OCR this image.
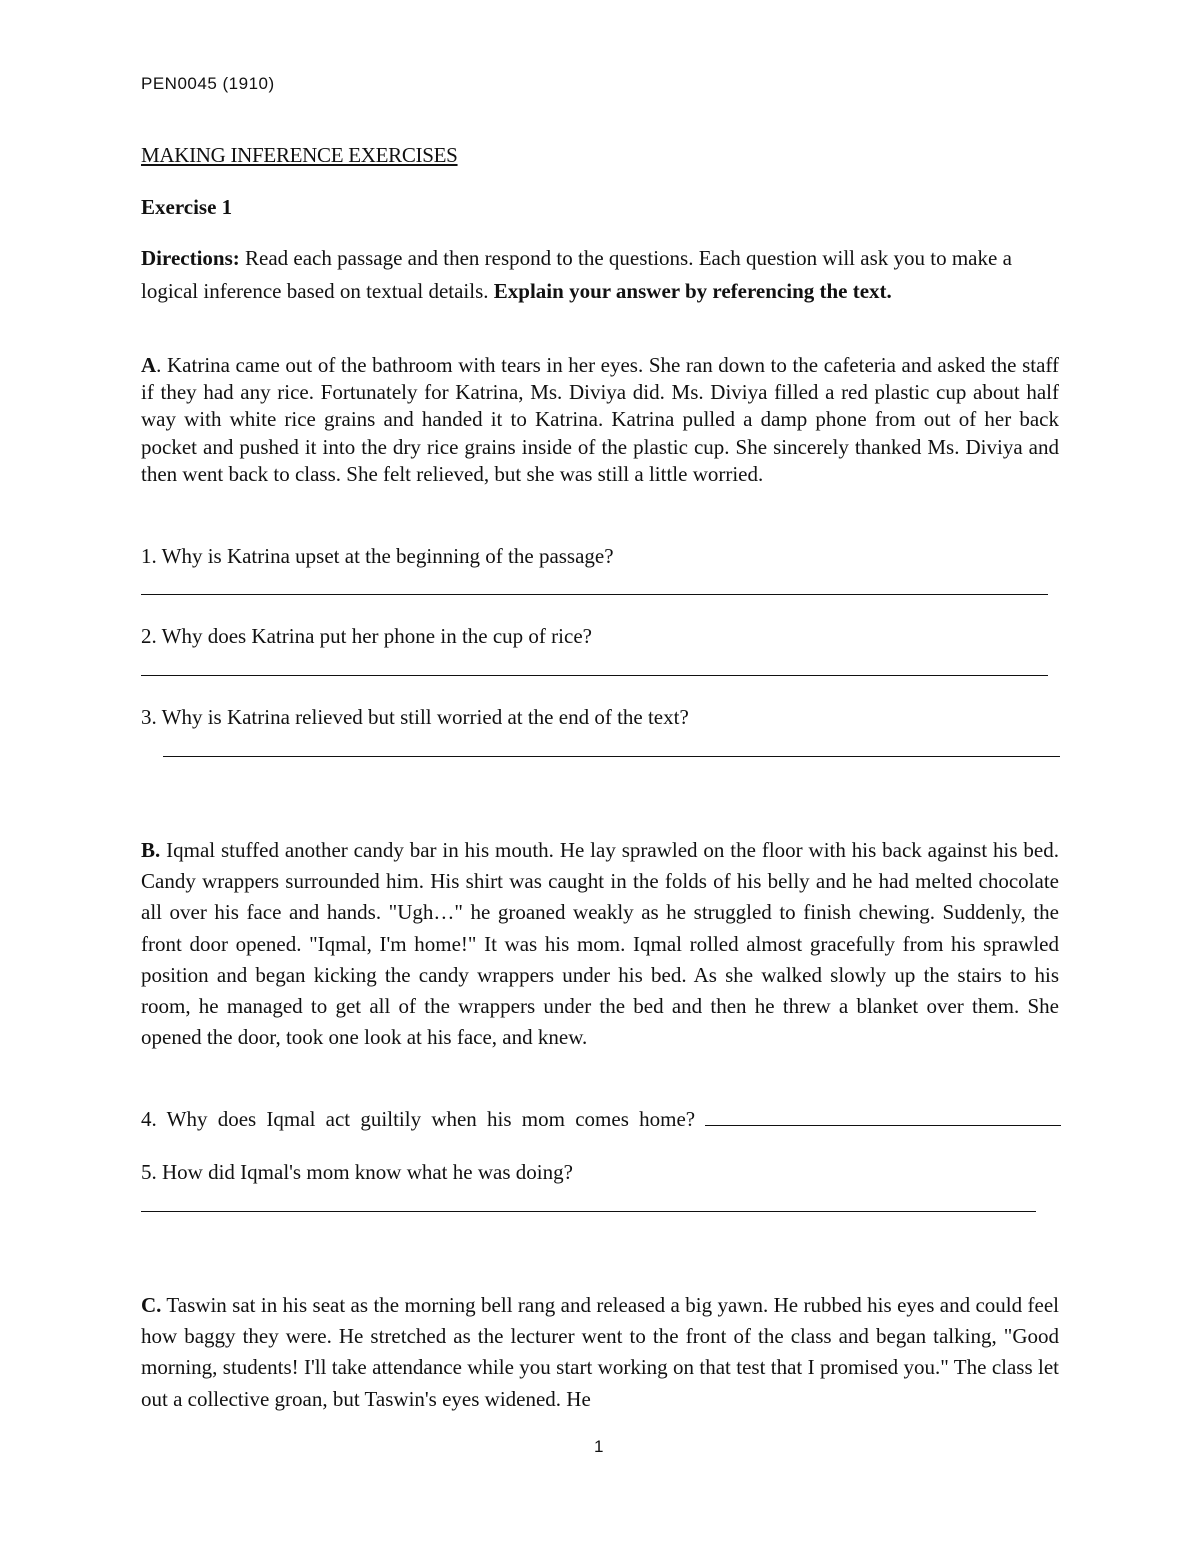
PEN0045 (1910)
MAKING INFERENCE EXERCISES
Exercise 1
Directions: Read each passage and then respond to the questions. Each question will ask you to make a logical inference based on textual details. Explain your answer by referencing the text.
A. Katrina came out of the bathroom with tears in her eyes. She ran down to the cafeteria and asked the staff if they had any rice. Fortunately for Katrina, Ms. Diviya did. Ms. Diviya filled a red plastic cup about half way with white rice grains and handed it to Katrina. Katrina pulled a damp phone from out of her back pocket and pushed it into the dry rice grains inside of the plastic cup. She sincerely thanked Ms. Diviya and then went back to class. She felt relieved, but she was still a little worried.
1. Why is Katrina upset at the beginning of the passage?
2. Why does Katrina put her phone in the cup of rice?
3. Why is Katrina relieved but still worried at the end of the text?
B. Iqmal stuffed another candy bar in his mouth. He lay sprawled on the floor with his back against his bed. Candy wrappers surrounded him. His shirt was caught in the folds of his belly and he had melted chocolate all over his face and hands. "Ugh…" he groaned weakly as he struggled to finish chewing. Suddenly, the front door opened. "Iqmal, I'm home!" It was his mom. Iqmal rolled almost gracefully from his sprawled position and began kicking the candy wrappers under his bed. As she walked slowly up the stairs to his room, he managed to get all of the wrappers under the bed and then he threw a blanket over them. She opened the door, took one look at his face, and knew.
4. Why does Iqmal act guiltily when his mom comes home?
5. How did Iqmal's mom know what he was doing?
C. Taswin sat in his seat as the morning bell rang and released a big yawn. He rubbed his eyes and could feel how baggy they were. He stretched as the lecturer went to the front of the class and began talking, "Good morning, students! I'll take attendance while you start working on that test that I promised you." The class let out a collective groan, but Taswin's eyes widened. He
1
